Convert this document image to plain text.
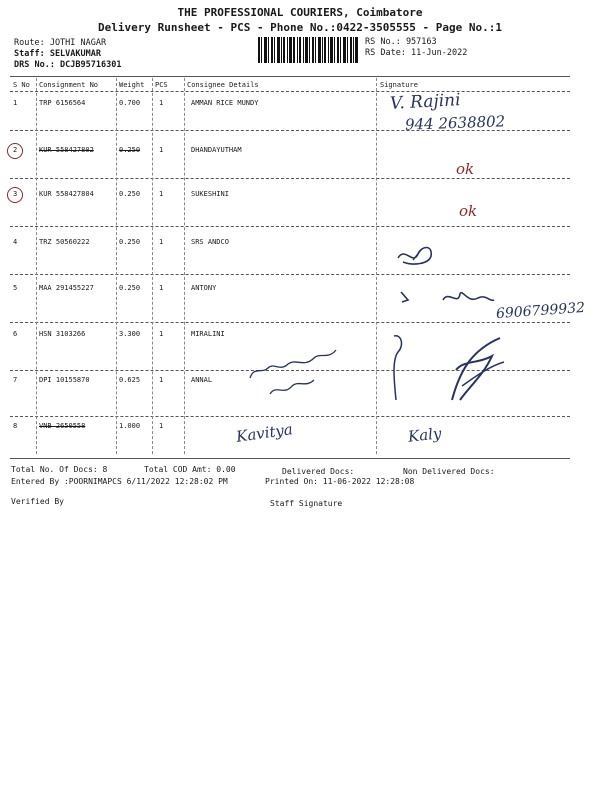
THE PROFESSIONAL COURIERS, Coimbatore
Delivery Runsheet - PCS - Phone No.:0422-3505555 - Page No.:1
Route: JOTHI NAGAR
Staff: SELVAKUMAR
DRS No.: DCJB95716301
RS No.: 957163
RS Date: 11-Jun-2022
S No Consignment No	Weight PCS	Consignee Details	Signature
1	TRP 6156564	0.700	1	AMMAN RICE MUNDY
2	KUR 558427802	0.250	1	DHANDAYUTHAM
3	KUR 558427804	0.250	1	SUKESHINI
4	TRZ 50560222	0.250	1	SRS ANDCO
5	MAA 291455227	0.250	1	ANTONY
6	HSN 3103266	3.300	1	MIRALINI
7	DPI 10155870	0.625	1	ANNAL
8	VNB 2650558	1.000	1
V. Rajini
944 2638802
ok
ok
6906799932
Kavitya	Kaly
Total No. Of Docs: 8	Total COD Amt: 0.00	Delivered Docs:	Non Delivered Docs:
Entered By :POORNIMAPCS 6/11/2022 12:28:02 PM	Printed On: 11-06-2022 12:28:08
Verified By	Staff Signature
